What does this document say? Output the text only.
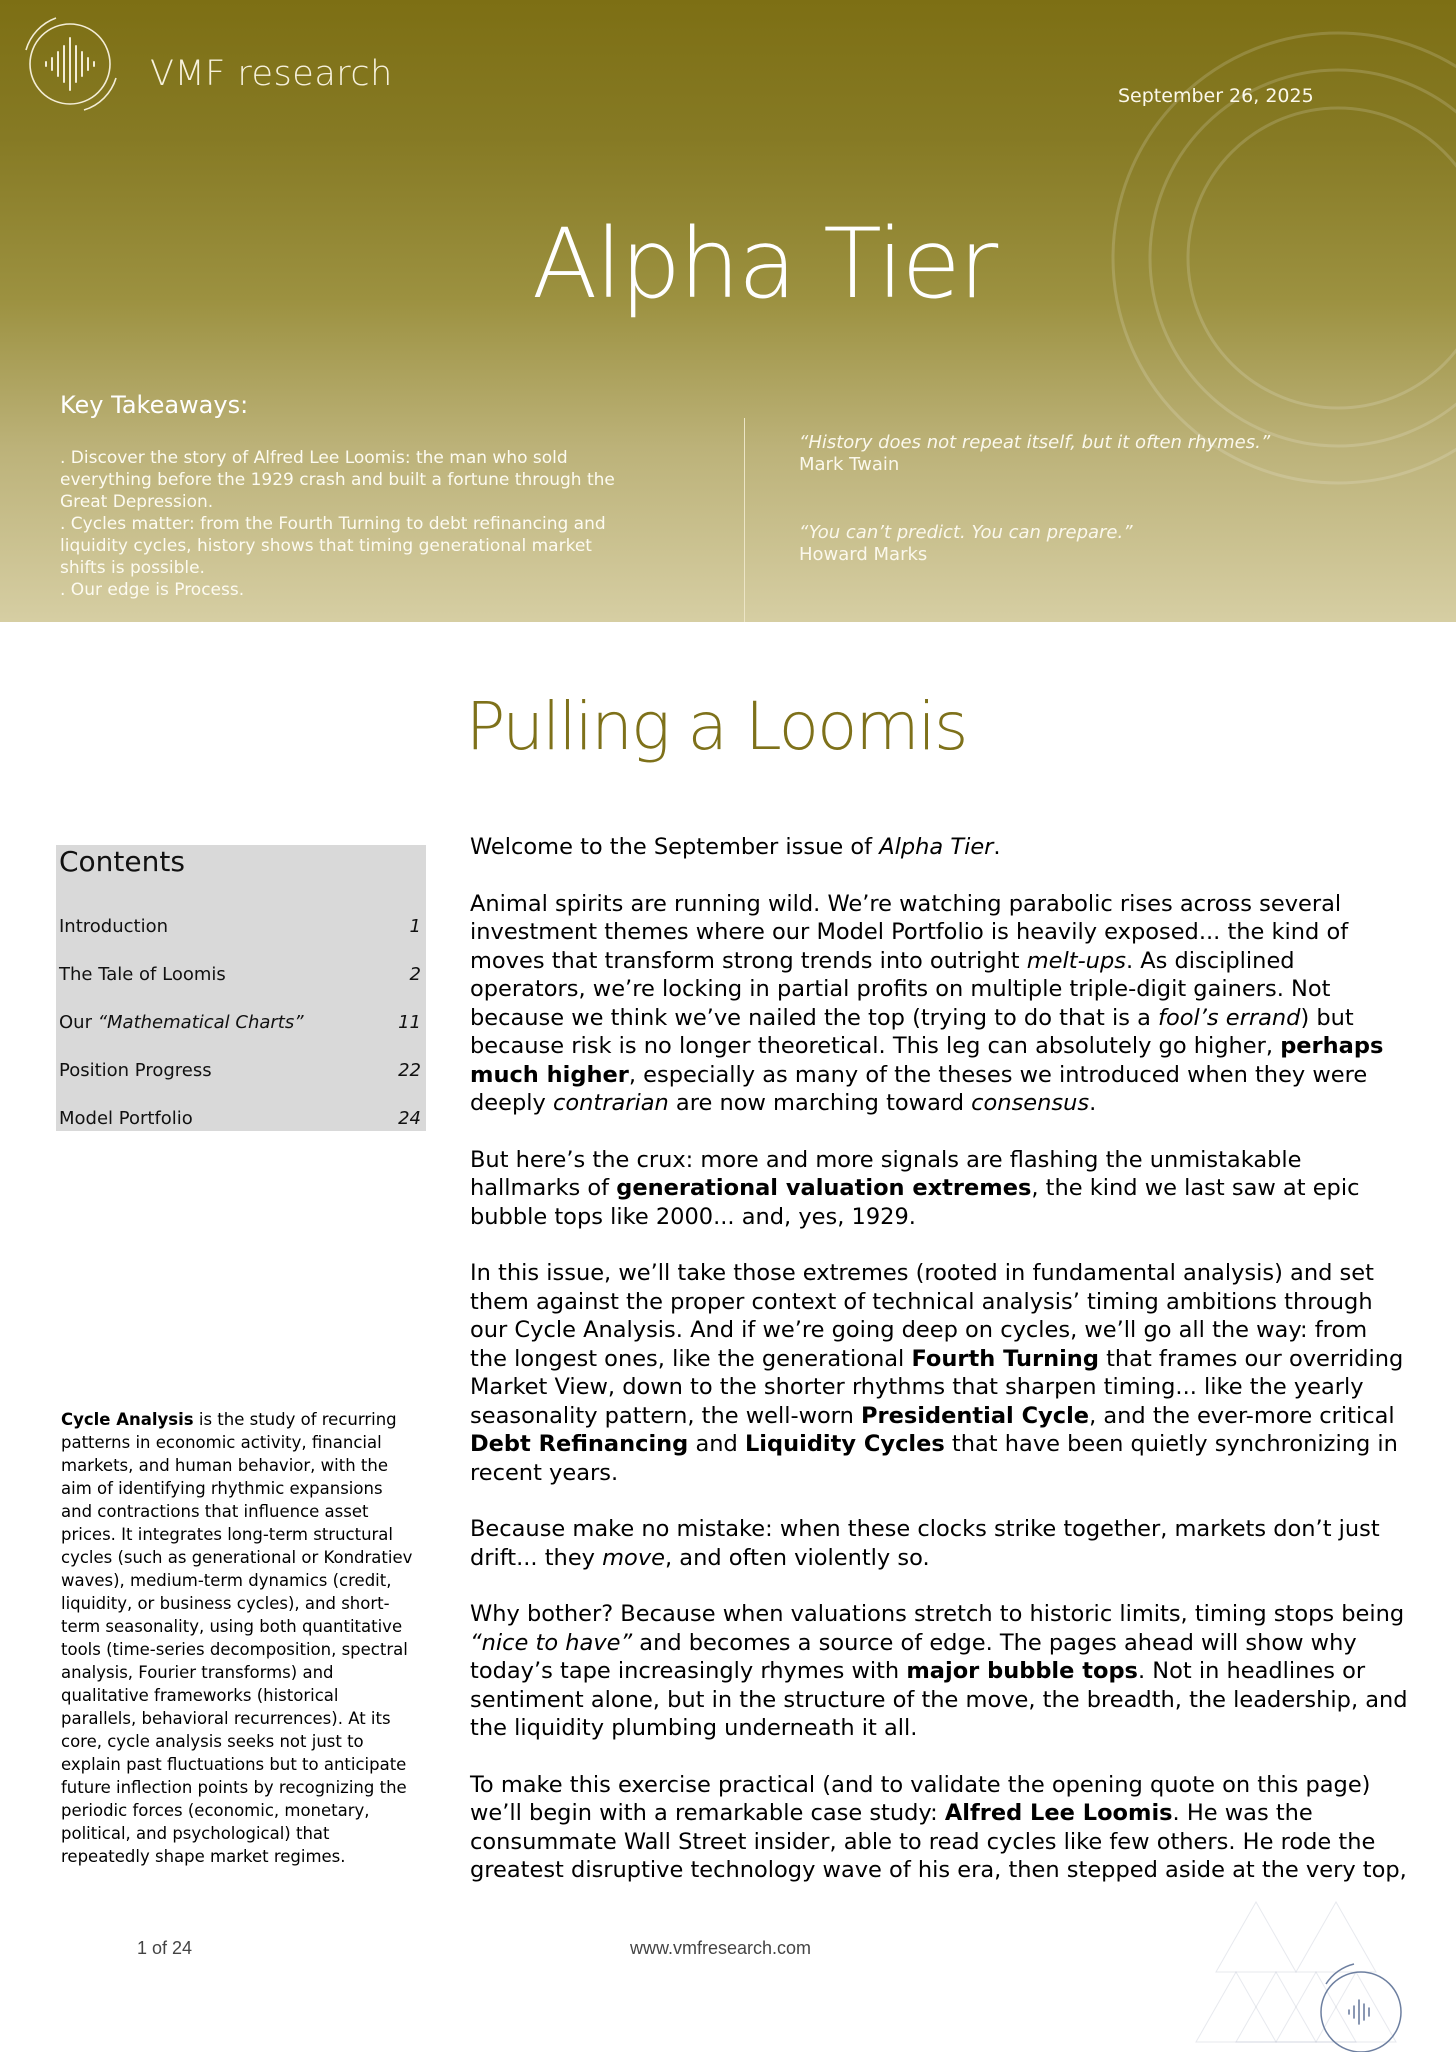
VMF research
September 26, 2025
Alpha Tier
Key Takeaways:
. Discover the story of Alfred Lee Loomis: the man who sold everything before the 1929 crash and built a fortune through the Great Depression.
. Cycles matter: from the Fourth Turning to debt refinancing and liquidity cycles, history shows that timing generational market shifts is possible.
. Our edge is Process.
“History does not repeat itself, but it often rhymes.”
Mark Twain
“You can’t predict. You can prepare.”
Howard Marks
Pulling a Loomis
Contents
Introduction	1
The Tale of Loomis	2
Our “Mathematical Charts”	11
Position Progress	22
Model Portfolio	24
Cycle Analysis is the study of recurring patterns in economic activity, financial markets, and human behavior, with the aim of identifying rhythmic expansions and contractions that influence asset prices. It integrates long-term structural cycles (such as generational or Kondratiev waves), medium-term dynamics (credit, liquidity, or business cycles), and short-term seasonality, using both quantitative tools (time-series decomposition, spectral analysis, Fourier transforms) and qualitative frameworks (historical parallels, behavioral recurrences). At its core, cycle analysis seeks not just to explain past fluctuations but to anticipate future inflection points by recognizing the periodic forces (economic, monetary, political, and psychological) that repeatedly shape market regimes.

Welcome to the September issue of Alpha Tier.

Animal spirits are running wild. We’re watching parabolic rises across several investment themes where our Model Portfolio is heavily exposed... the kind of moves that transform strong trends into outright melt-ups. As disciplined operators, we’re locking in partial profits on multiple triple-digit gainers. Not because we think we’ve nailed the top (trying to do that is a fool’s errand) but because risk is no longer theoretical. This leg can absolutely go higher, perhaps much higher, especially as many of the theses we introduced when they were deeply contrarian are now marching toward consensus.

But here’s the crux: more and more signals are flashing the unmistakable hallmarks of generational valuation extremes, the kind we last saw at epic bubble tops like 2000... and, yes, 1929.

In this issue, we’ll take those extremes (rooted in fundamental analysis) and set them against the proper context of technical analysis’ timing ambitions through our Cycle Analysis. And if we’re going deep on cycles, we’ll go all the way: from the longest ones, like the generational Fourth Turning that frames our overriding Market View, down to the shorter rhythms that sharpen timing... like the yearly seasonality pattern, the well-worn Presidential Cycle, and the ever-more critical Debt Refinancing and Liquidity Cycles that have been quietly synchronizing in recent years.

Because make no mistake: when these clocks strike together, markets don’t just drift... they move, and often violently so.

Why bother? Because when valuations stretch to historic limits, timing stops being “nice to have” and becomes a source of edge. The pages ahead will show why today’s tape increasingly rhymes with major bubble tops. Not in headlines or sentiment alone, but in the structure of the move, the breadth, the leadership, and the liquidity plumbing underneath it all.

To make this exercise practical (and to validate the opening quote on this page) we’ll begin with a remarkable case study: Alfred Lee Loomis. He was the consummate Wall Street insider, able to read cycles like few others. He rode the greatest disruptive technology wave of his era, then stepped aside at the very top,

1 of 24	www.vmfresearch.com
